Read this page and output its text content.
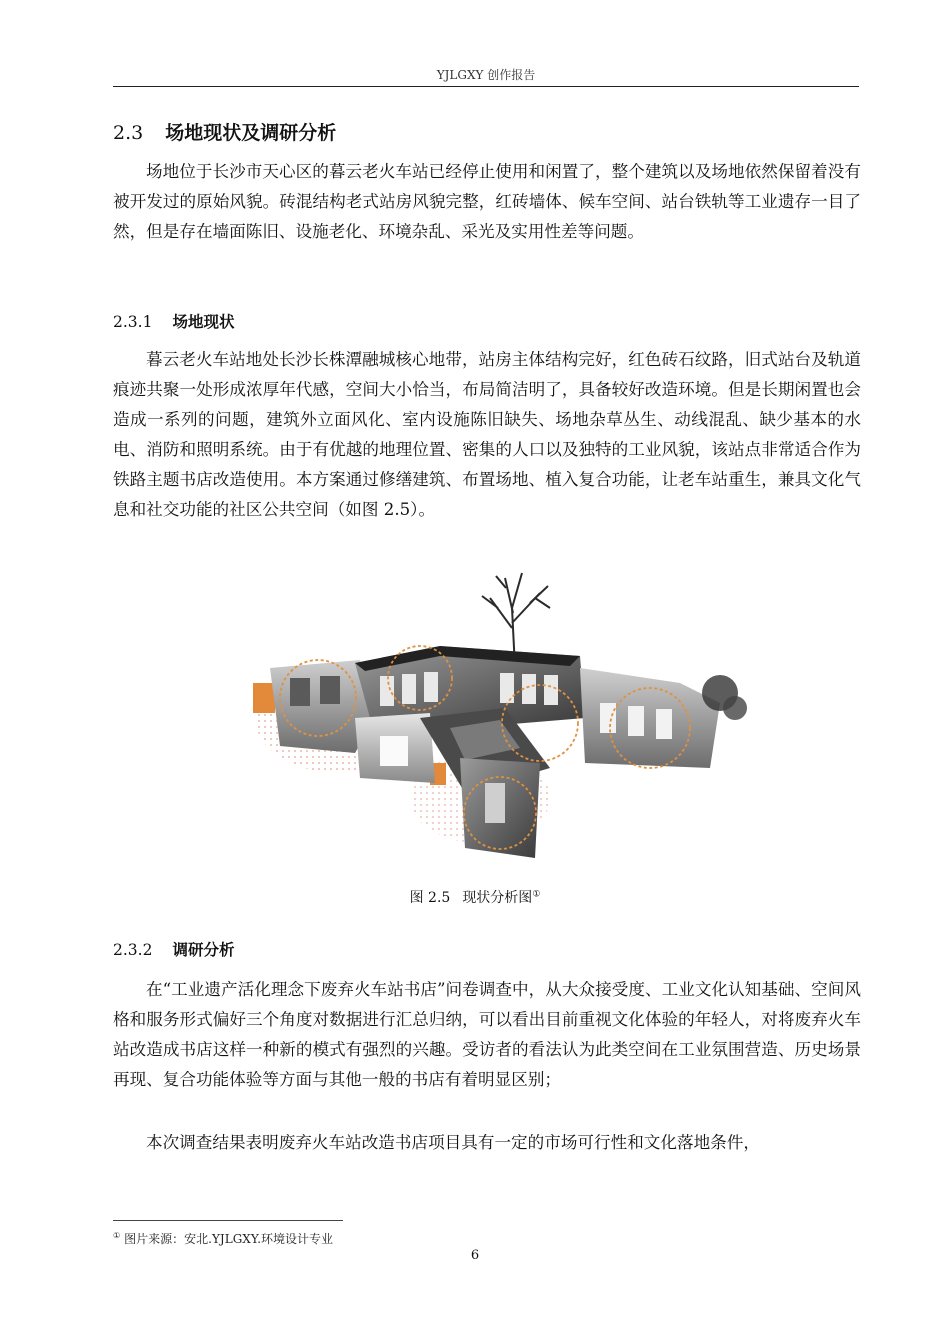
YJLGXY 创作报告
2.3 场地现状及调研分析

场地位于长沙市天心区的暮云老火车站已经停止使用和闲置了，整个建筑以及场地依然保留着没有被开发过的原始风貌。砖混结构老式站房风貌完整，红砖墙体、候车空间、站台铁轨等工业遗存一目了然，但是存在墙面陈旧、设施老化、环境杂乱、采光及实用性差等问题。

2.3.1 场地现状

暮云老火车站地处长沙长株潭融城核心地带，站房主体结构完好，红色砖石纹路，旧式站台及轨道痕迹共聚一处形成浓厚年代感，空间大小恰当，布局简洁明了，具备较好改造环境。但是长期闲置也会造成一系列的问题，建筑外立面风化、室内设施陈旧缺失、场地杂草丛生、动线混乱、缺少基本的水电、消防和照明系统。由于有优越的地理位置、密集的人口以及独特的工业风貌，该站点非常适合作为铁路主题书店改造使用。本方案通过修缮建筑、布置场地、植入复合功能，让老车站重生，兼具文化气息和社交功能的社区公共空间（如图 2.5）。

图 2.5 现状分析图①
2.3.2 调研分析

在“工业遗产活化理念下废弃火车站书店”问卷调查中，从大众接受度、工业文化认知基础、空间风格和服务形式偏好三个角度对数据进行汇总归纳，可以看出目前重视文化体验的年轻人，对将废弃火车站改造成书店这样一种新的模式有强烈的兴趣。受访者的看法认为此类空间在工业氛围营造、历史场景再现、复合功能体验等方面与其他一般的书店有着明显区别；

本次调查结果表明废弃火车站改造书店项目具有一定的市场可行性和文化落地条件，

① 图片来源：安北.YJLGXY.环境设计专业
6
